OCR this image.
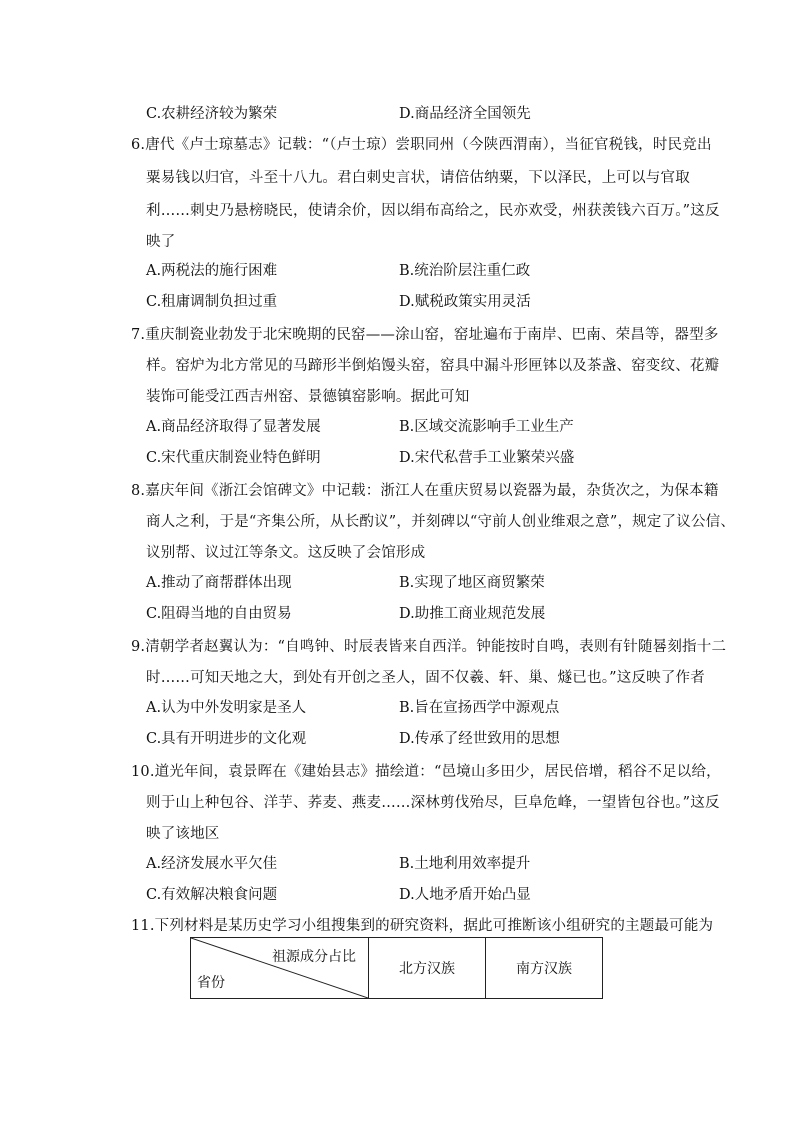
C.农耕经济较为繁荣	D.商品经济全国领先
6.唐代《卢士琼墓志》记载：“（卢士琼）尝职同州（今陕西渭南），当征官税钱，时民竞出
粟易钱以归官，斗至十八九。君白刺史言状，请倍估纳粟，下以泽民，上可以与官取
利……刺史乃悬榜晓民，使请余价，因以绢布高给之，民亦欢受，州获羡钱六百万。”这反
映了
A.两税法的施行困难	B.统治阶层注重仁政
C.租庸调制负担过重	D.赋税政策实用灵活
7.重庆制瓷业勃发于北宋晚期的民窑——涂山窑，窑址遍布于南岸、巴南、荣昌等，器型多
样。窑炉为北方常见的马蹄形半倒焰馒头窑，窑具中漏斗形匣钵以及茶盏、窑变纹、花瓣
装饰可能受江西吉州窑、景德镇窑影响。据此可知
A.商品经济取得了显著发展	B.区域交流影响手工业生产
C.宋代重庆制瓷业特色鲜明	D.宋代私营手工业繁荣兴盛
8.嘉庆年间《浙江会馆碑文》中记载：浙江人在重庆贸易以瓷器为最，杂货次之，为保本籍
商人之利，于是“齐集公所，从长酌议”，并刻碑以“守前人创业维艰之意”，规定了议公信、
议别帮、议过江等条文。这反映了会馆形成
A.推动了商帮群体出现	B.实现了地区商贸繁荣
C.阻碍当地的自由贸易	D.助推工商业规范发展
9.清朝学者赵翼认为：“自鸣钟、时辰表皆来自西洋。钟能按时自鸣，表则有针随晷刻指十二
时……可知天地之大，到处有开创之圣人，固不仅羲、轩、巢、燧已也。”这反映了作者
A.认为中外发明家是圣人	B.旨在宣扬西学中源观点
C.具有开明进步的文化观	D.传承了经世致用的思想
10.道光年间，袁景晖在《建始县志》描绘道：“邑境山多田少，居民倍增，稻谷不足以给，
则于山上种包谷、洋芋、荞麦、燕麦……深林剪伐殆尽，巨阜危峰，一望皆包谷也。”这反
映了该地区
A.经济发展水平欠佳	B.土地利用效率提升
C.有效解决粮食问题	D.人地矛盾开始凸显
11.下列材料是某历史学习小组搜集到的研究资料，据此可推断该小组研究的主题最可能为
祖源成分占比
省份
	北方汉族	南方汉族
